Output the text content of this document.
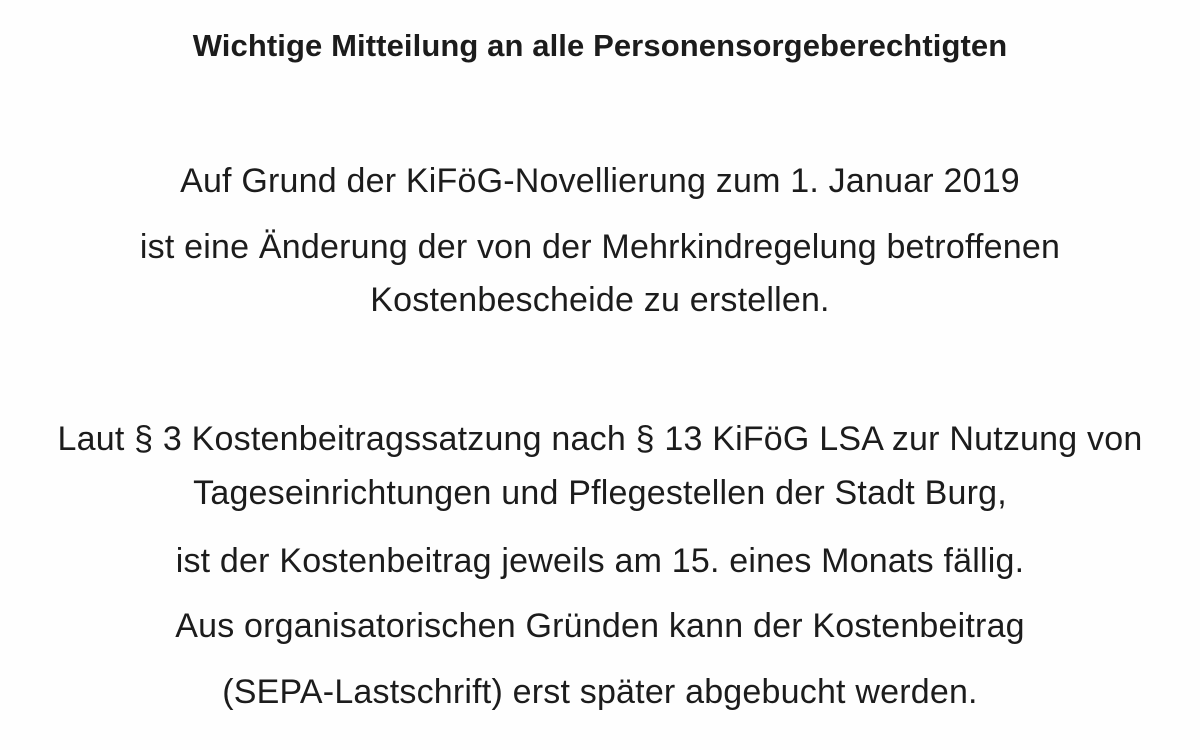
Wichtige Mitteilung an alle Personensorgeberechtigten
Auf Grund der KiFöG-Novellierung zum 1. Januar 2019
ist eine Änderung der von der Mehrkindregelung betroffenen
Kostenbescheide zu erstellen.
Laut § 3 Kostenbeitragssatzung nach § 13 KiFöG LSA zur Nutzung von
Tageseinrichtungen und Pflegestellen der Stadt Burg,
ist der Kostenbeitrag jeweils am 15. eines Monats fällig.
Aus organisatorischen Gründen kann der Kostenbeitrag
(SEPA-Lastschrift) erst später abgebucht werden.
